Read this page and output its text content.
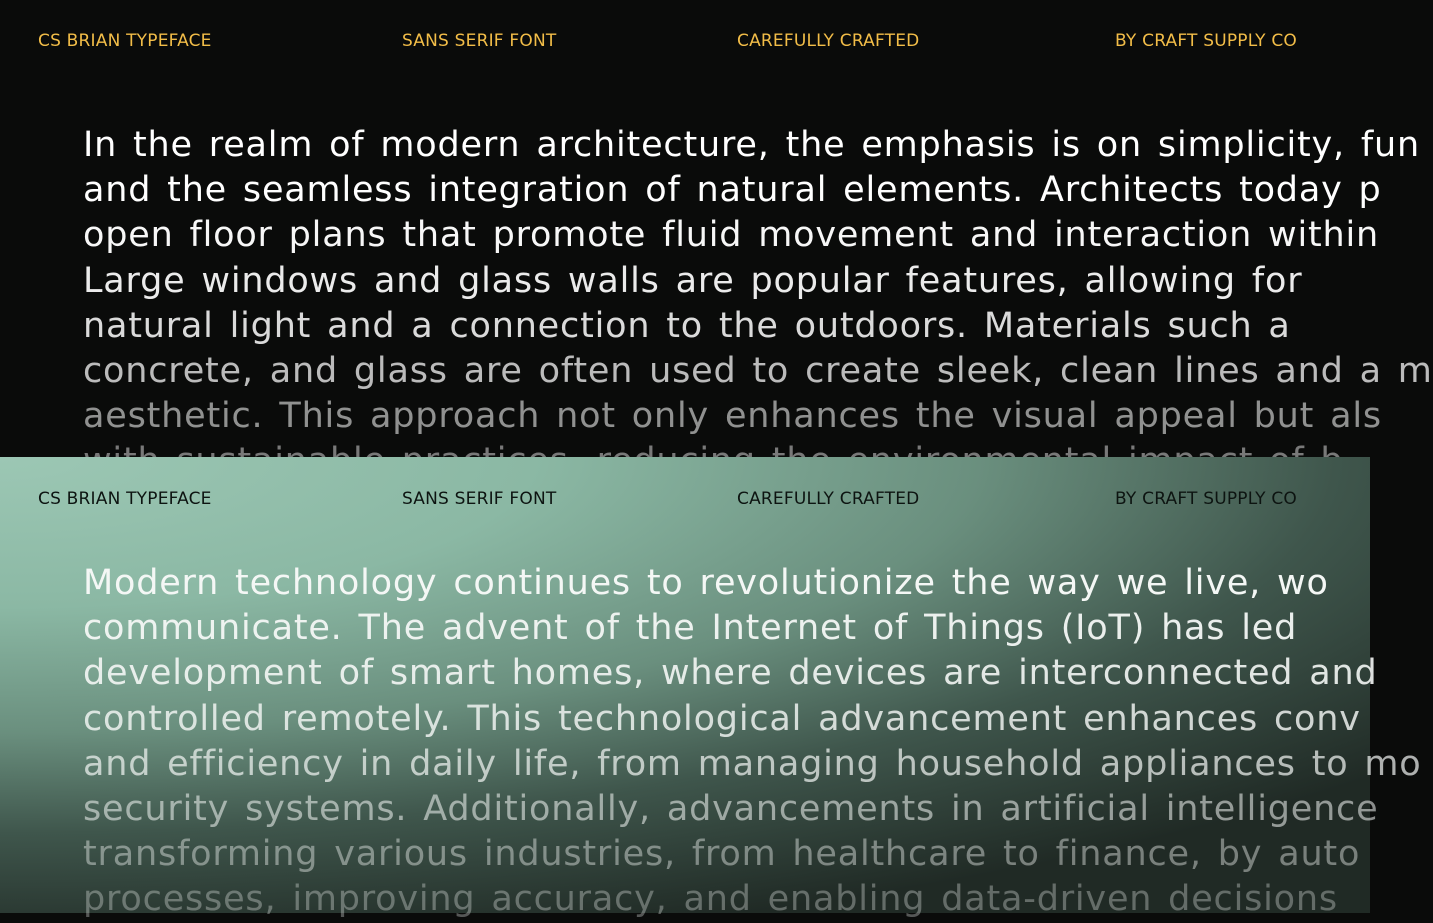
CS BRIAN TYPEFACE	SANS SERIF FONT	CAREFULLY CRAFTED	BY CRAFT SUPPLY CO
In the realm of modern architecture, the emphasis is on simplicity, fun
and the seamless integration of natural elements. Architects today p
open floor plans that promote fluid movement and interaction within
Large windows and glass walls are popular features, allowing for
natural light and a connection to the outdoors. Materials such a
concrete, and glass are often used to create sleek, clean lines and a m
aesthetic. This approach not only enhances the visual appeal but als
CS BRIAN TYPEFACE	SANS SERIF FONT	CAREFULLY CRAFTED	BY CRAFT SUPPLY CO
Modern technology continues to revolutionize the way we live, wo
communicate. The advent of the Internet of Things (IoT) has led
development of smart homes, where devices are interconnected and
controlled remotely. This technological advancement enhances conv
and efficiency in daily life, from managing household appliances to mo
security systems. Additionally, advancements in artificial intelligence
transforming various industries, from healthcare to finance, by auto
processes, improving accuracy, and enabling data-driven decisions
